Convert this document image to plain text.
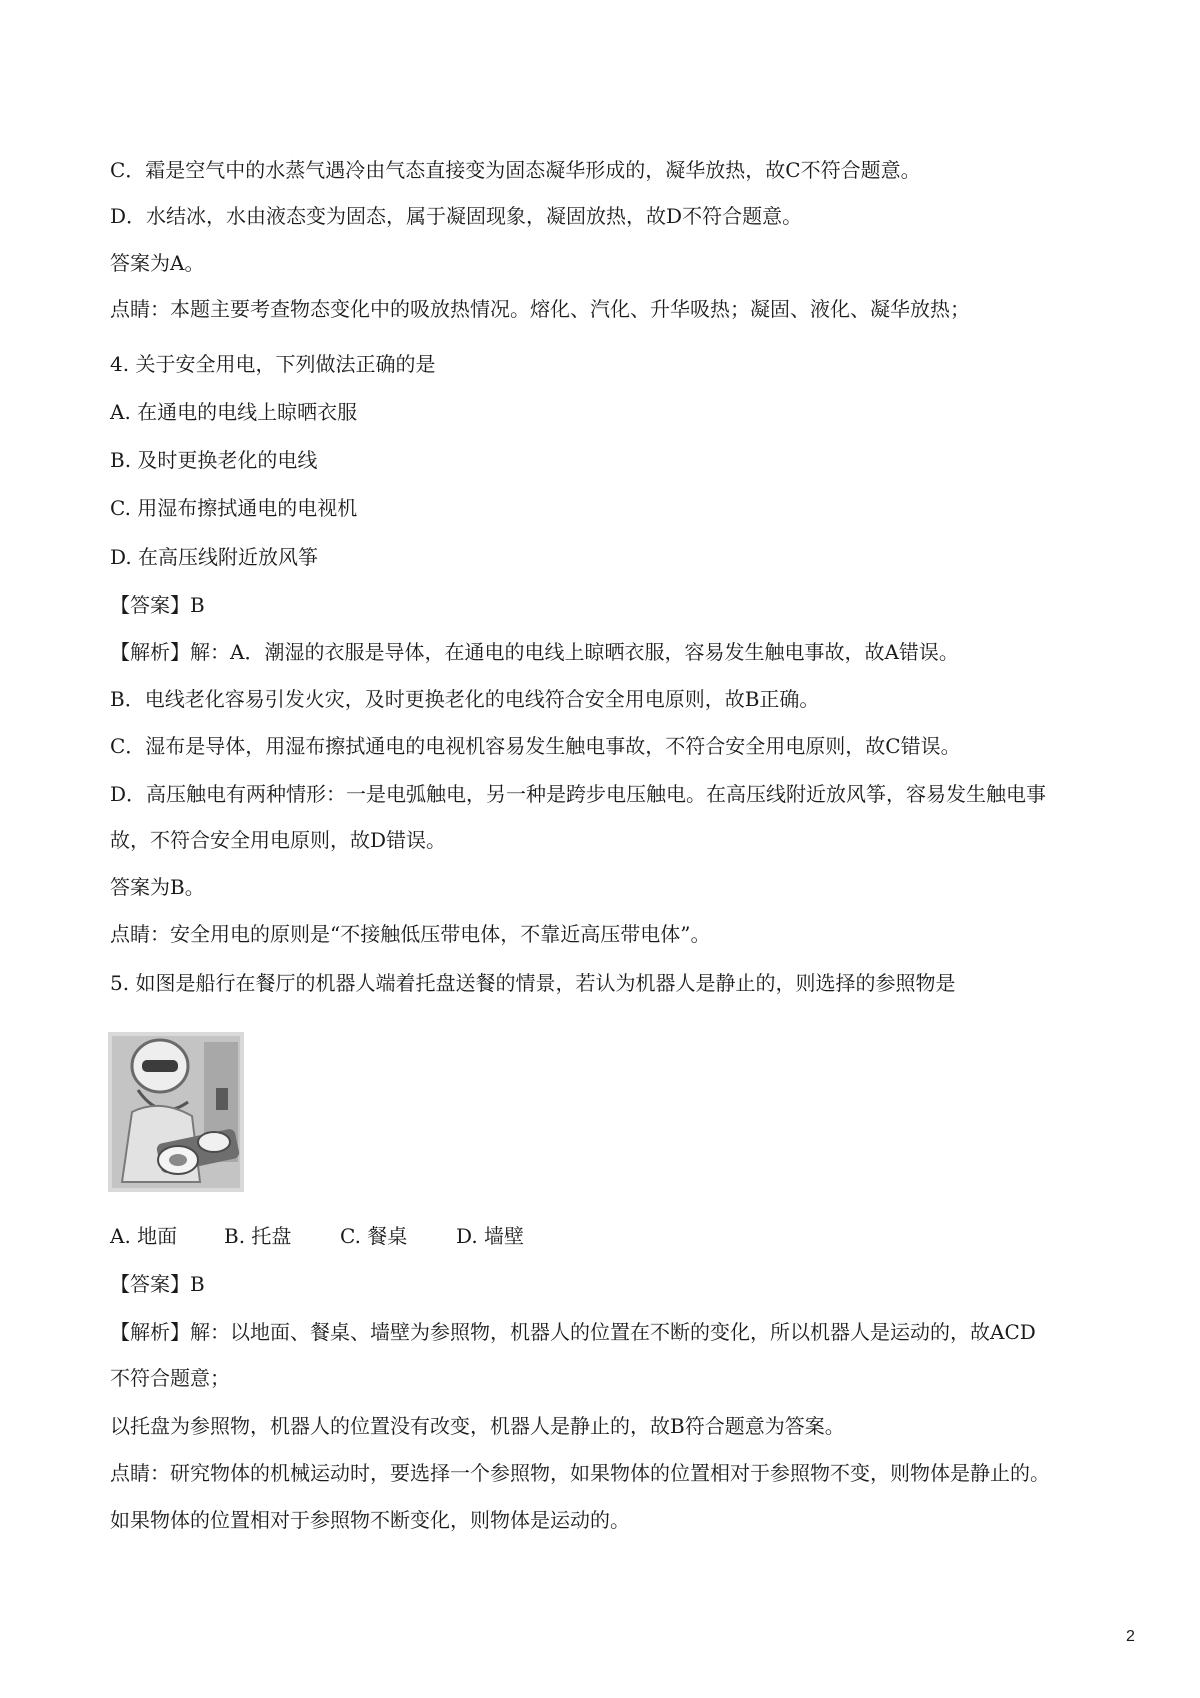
C．霜是空气中的水蒸气遇冷由气态直接变为固态凝华形成的，凝华放热，故C不符合题意。
D．水结冰，水由液态变为固态，属于凝固现象，凝固放热，故D不符合题意。
答案为A。
点睛：本题主要考查物态变化中的吸放热情况。熔化、汽化、升华吸热；凝固、液化、凝华放热；
4. 关于安全用电，下列做法正确的是
A. 在通电的电线上晾晒衣服
B. 及时更换老化的电线
C. 用湿布擦拭通电的电视机
D. 在高压线附近放风筝
【答案】B
【解析】解：A．潮湿的衣服是导体，在通电的电线上晾晒衣服，容易发生触电事故，故A错误。
B．电线老化容易引发火灾，及时更换老化的电线符合安全用电原则，故B正确。
C．湿布是导体，用湿布擦拭通电的电视机容易发生触电事故，不符合安全用电原则，故C错误。
D．高压触电有两种情形：一是电弧触电，另一种是跨步电压触电。在高压线附近放风筝，容易发生触电事
故，不符合安全用电原则，故D错误。
答案为B。
点睛：安全用电的原则是“不接触低压带电体，不靠近高压带电体”。
5. 如图是船行在餐厅的机器人端着托盘送餐的情景，若认为机器人是静止的，则选择的参照物是
A. 地面 B. 托盘 C. 餐桌 D. 墙壁
【答案】B
【解析】解：以地面、餐桌、墙壁为参照物，机器人的位置在不断的变化，所以机器人是运动的，故ACD
不符合题意；
以托盘为参照物，机器人的位置没有改变，机器人是静止的，故B符合题意为答案。
点睛：研究物体的机械运动时，要选择一个参照物，如果物体的位置相对于参照物不变，则物体是静止的。
如果物体的位置相对于参照物不断变化，则物体是运动的。
2
